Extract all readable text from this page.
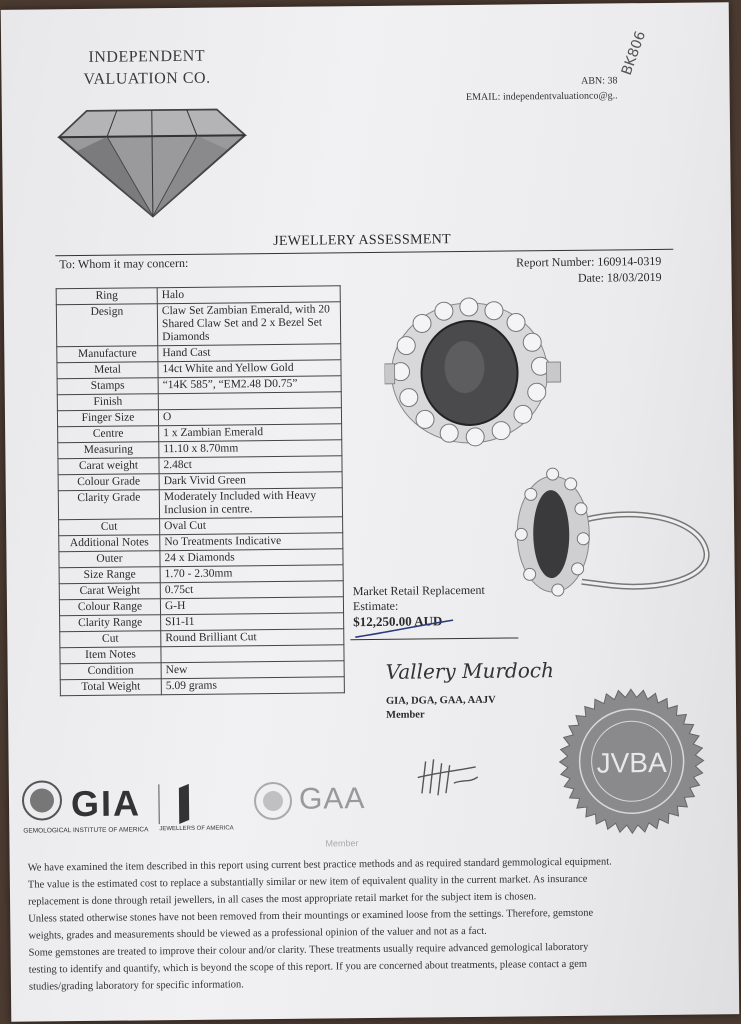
INDEPENDENT
VALUATION CO.	ABN: 38
EMAIL: independentvaluationco@g..
BK806
JEWELLERY ASSESSMENT
To: Whom it may concern:	Report Number: 160914-0319
Date: 18/03/2019
Ring	Halo
Design	Claw Set Zambian Emerald, with 20 Shared Claw Set and 2 x Bezel Set Diamonds
Manufacture	Hand Cast
Metal	14ct White and Yellow Gold
Stamps	“14K 585”, “EM2.48 D0.75”
Finish	
Finger Size	O
Centre	1 x Zambian Emerald
Measuring	11.10 x 8.70mm
Carat weight	2.48ct
Colour Grade	Dark Vivid Green
Clarity Grade	Moderately Included with Heavy Inclusion in centre.
Cut	Oval Cut
Additional Notes	No Treatments Indicative
Outer	24 x Diamonds
Size Range	1.70 - 2.30mm
Carat Weight	0.75ct
Colour Range	G-H
Clarity Range	SI1-I1
Cut	Round Brilliant Cut
Item Notes	
Condition	New
Total Weight	5.09 grams
Market Retail Replacement
Estimate:
$12,250.00 AUD
Vallery Murdoch
GIA, DGA, GAA, AAJV
Member
JVBA
GIA
GEMOLOGICAL INSTITUTE OF AMERICA JEWELLERS OF AMERICA
GAA
Member

We have examined the item described in this report using current best practice methods and as required standard gemmological equipment.

The value is the estimated cost to replace a substantially similar or new item of equivalent quality in the current market. As insurance

replacement is done through retail jewellers, in all cases the most appropriate retail market for the subject item is chosen.

Unless stated otherwise stones have not been removed from their mountings or examined loose from the settings. Therefore, gemstone

weights, grades and measurements should be viewed as a professional opinion of the valuer and not as a fact.

Some gemstones are treated to improve their colour and/or clarity. These treatments usually require advanced gemological laboratory

testing to identify and quantify, which is beyond the scope of this report. If you are concerned about treatments, please contact a gem

studies/grading laboratory for specific information.
